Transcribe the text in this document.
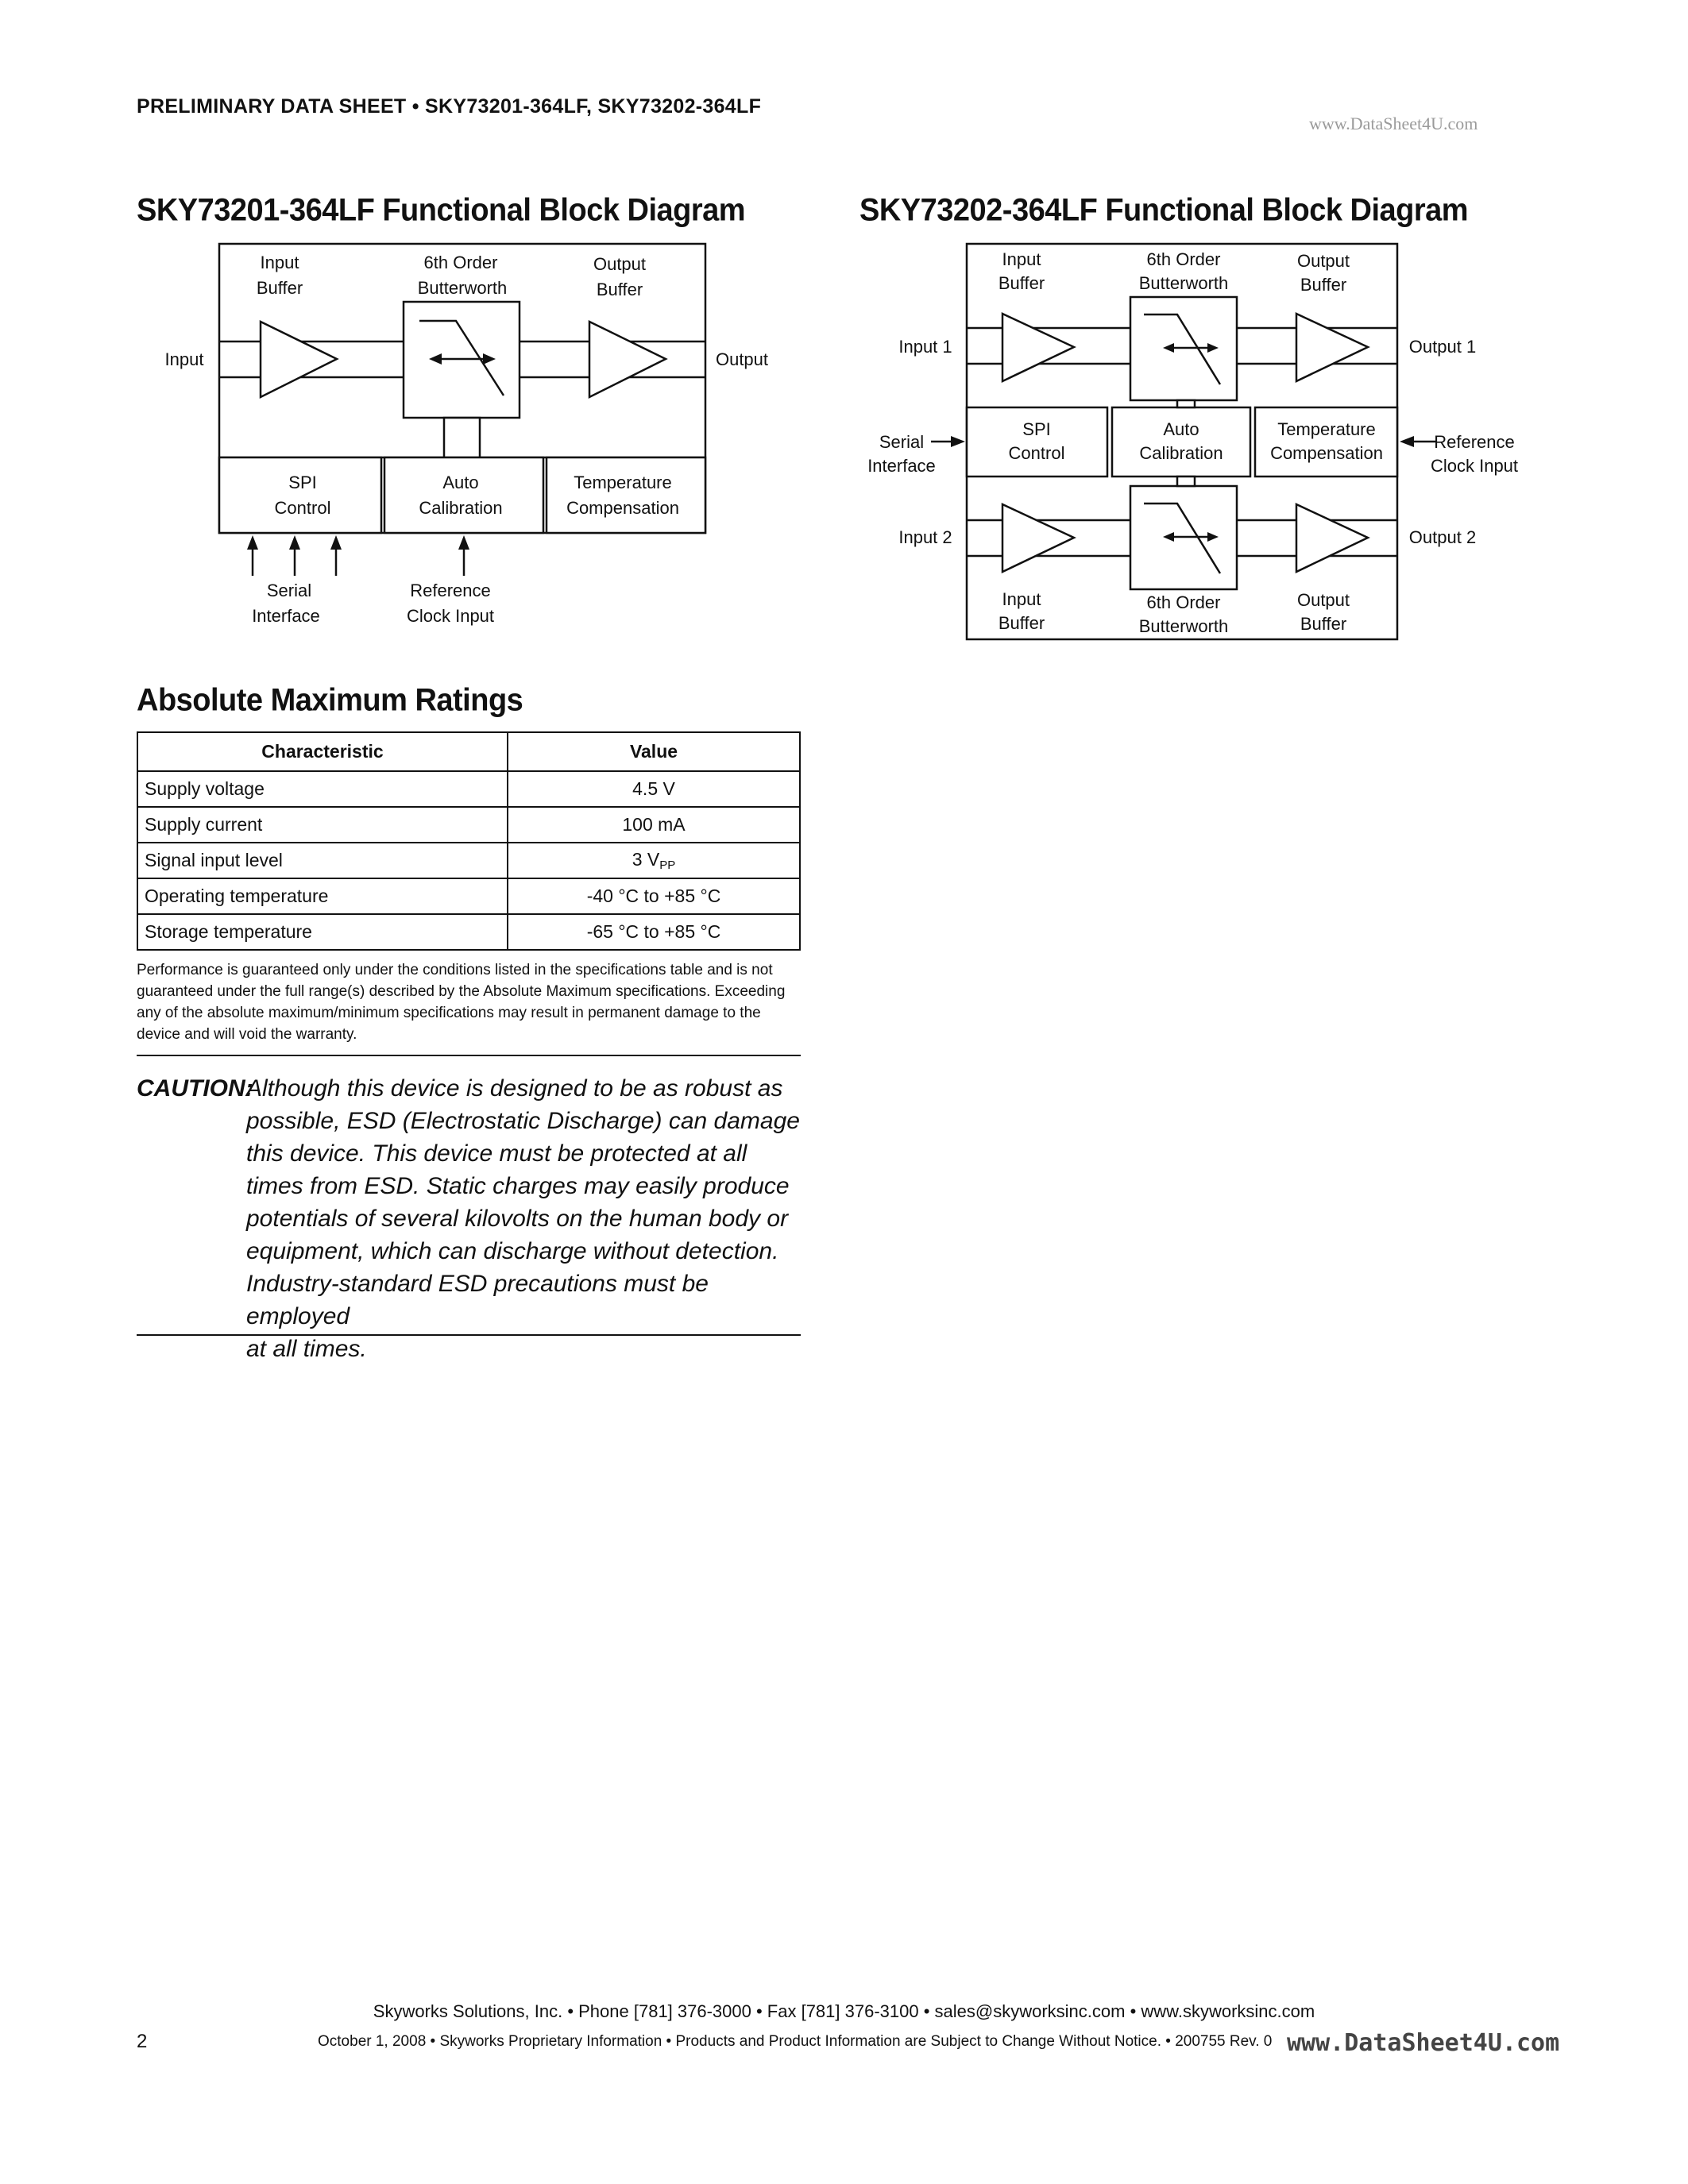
PRELIMINARY DATA SHEET • SKY73201-364LF, SKY73202-364LF
www.DataSheet4U.com
SKY73201-364LF Functional Block Diagram
Input
Buffer
6th Order
Butterworth
Output
Buffer
Input	Output
SPI
Control
Auto
Calibration
Temperature
Compensation
Serial
Interface
Reference
Clock Input
SKY73202-364LF Functional Block Diagram
Input
Buffer
6th Order
Butterworth
Output
Buffer
Input 1	Output 1
SPI
Control
Auto
Calibration
Temperature
Compensation
Serial
Interface
Reference
Clock Input
Input 2	Output 2
Input
Buffer
6th Order
Butterworth
Output
Buffer
Absolute Maximum Ratings
Characteristic	Value
Supply voltage	4.5 V
Supply current	100 mA
Signal input level	3 $V_{PP}$
Operating temperature	-40 °C to +85 °C
Storage temperature	-65 °C to +85 °C
Performance is guaranteed only under the conditions listed in the specifications table and is not guaranteed under the full range(s) described by the Absolute Maximum specifications. Exceeding any of the absolute maximum/minimum specifications may result in permanent damage to the device and will void the warranty.
CAUTION:
Although this device is designed to be as robust as
possible, ESD (Electrostatic Discharge) can damage
this device. This device must be protected at all
times from ESD. Static charges may easily produce
potentials of several kilovolts on the human body or
equipment, which can discharge without detection.
Industry-standard ESD precautions must be employed
at all times.
Skyworks Solutions, Inc. • Phone [781] 376-3000 • Fax [781] 376-3100 • sales@skyworksinc.com • www.skyworksinc.com
2	October 1, 2008 • Skyworks Proprietary Information • Products and Product Information are Subject to Change Without Notice. • 200755 Rev. 0 www.DataSheet4U.com
